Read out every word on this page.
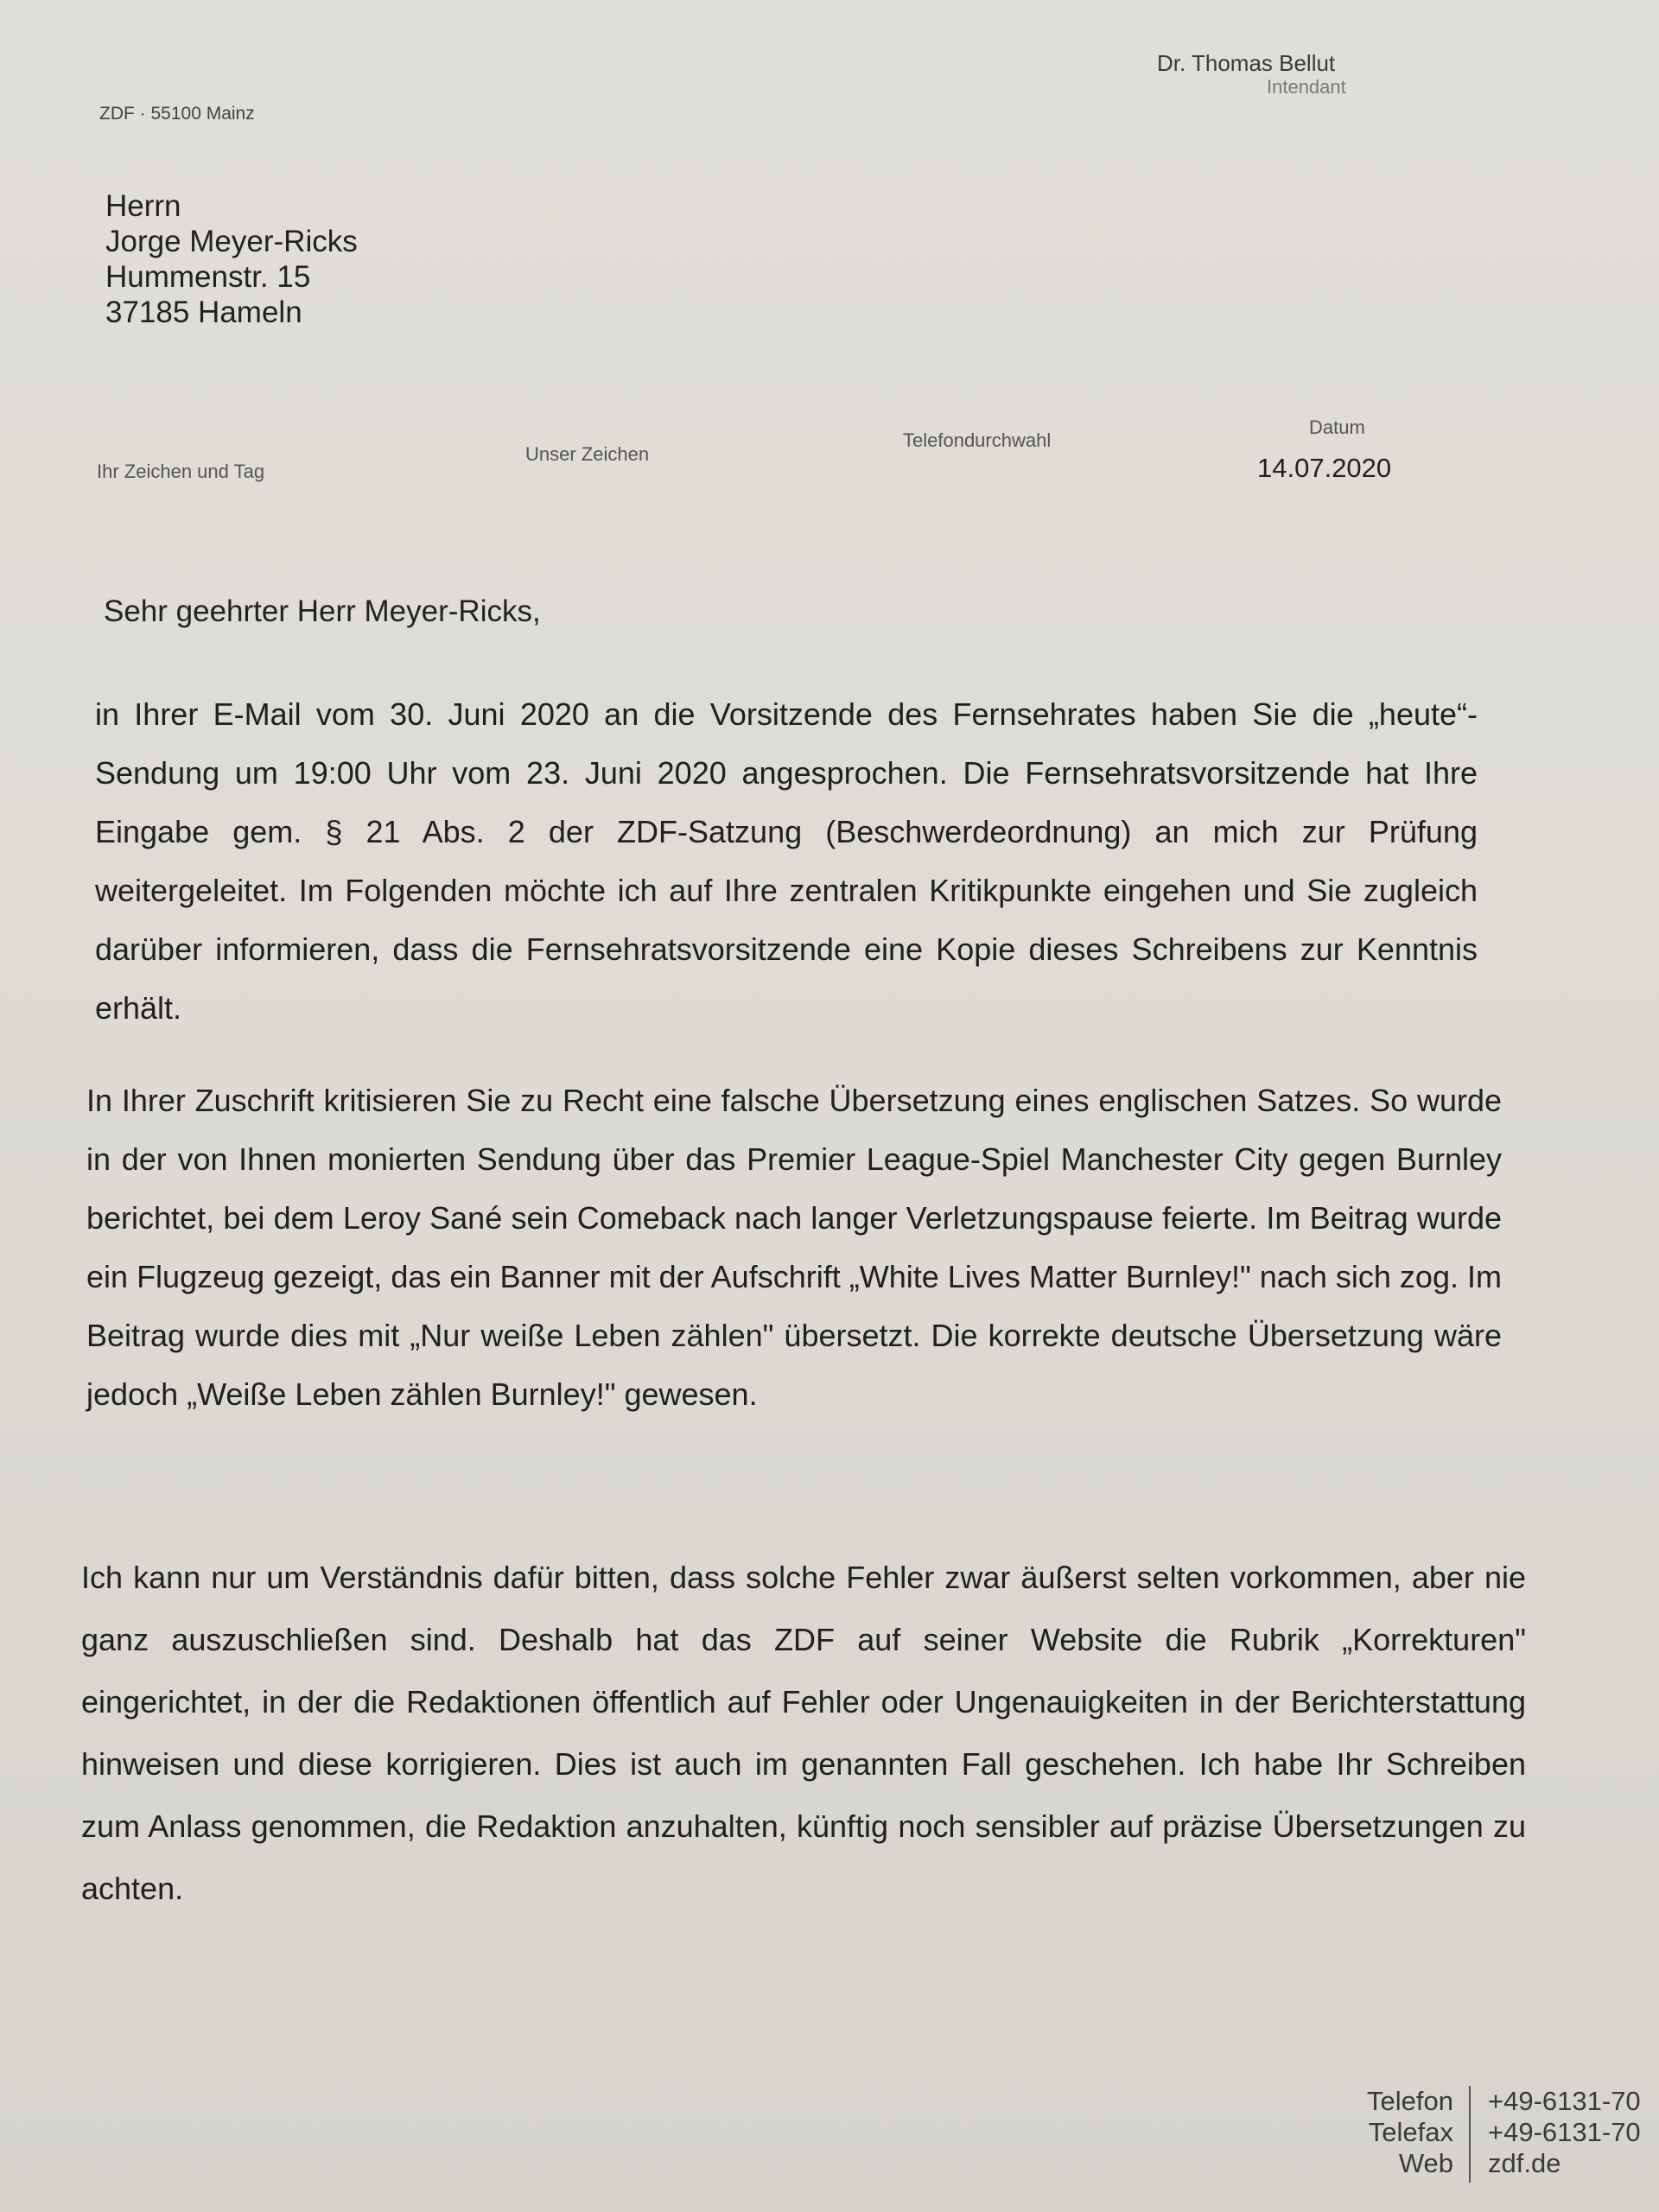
Dr. Thomas Bellut
Intendant
ZDF · 55100 Mainz
Herrn
Jorge Meyer-Ricks
Hummenstr. 15
37185 Hameln
Ihr Zeichen und Tag
Unser Zeichen
Telefondurchwahl
Datum
14.07.2020
Sehr geehrter Herr Meyer-Ricks,

in Ihrer E-Mail vom 30. Juni 2020 an die Vorsitzende des Fernsehrates haben Sie die „heute“-Sendung um 19:00 Uhr vom 23. Juni 2020 angesprochen. Die Fernsehratsvorsitzende hat Ihre Eingabe gem. § 21 Abs. 2 der ZDF-Satzung (Beschwerdeordnung) an mich zur Prüfung weitergeleitet. Im Folgenden möchte ich auf Ihre zentralen Kritikpunkte eingehen und Sie zugleich darüber informieren, dass die Fernsehratsvorsitzende eine Kopie dieses Schreibens zur Kenntnis erhält.

In Ihrer Zuschrift kritisieren Sie zu Recht eine falsche Übersetzung eines englischen Satzes. So wurde in der von Ihnen monierten Sendung über das Premier League-Spiel Manchester City gegen Burnley berichtet, bei dem Leroy Sané sein Comeback nach langer Verletzungspause feierte. Im Beitrag wurde ein Flugzeug gezeigt, das ein Banner mit der Aufschrift „White Lives Matter Burnley!" nach sich zog. Im Beitrag wurde dies mit „Nur weiße Leben zählen" übersetzt. Die korrekte deutsche Übersetzung wäre jedoch „Weiße Leben zählen Burnley!" gewesen.

Ich kann nur um Verständnis dafür bitten, dass solche Fehler zwar äußerst selten vorkommen, aber nie ganz auszuschließen sind. Deshalb hat das ZDF auf seiner Website die Rubrik „Korrekturen" eingerichtet, in der die Redaktionen öffentlich auf Fehler oder Ungenauigkeiten in der Berichterstattung hinweisen und diese korrigieren. Dies ist auch im genannten Fall geschehen. Ich habe Ihr Schreiben zum Anlass genommen, die Redaktion anzuhalten, künftig noch sensibler auf präzise Übersetzungen zu achten.

Telefon
Telefax
Web
+49-6131-70
+49-6131-70
zdf.de
